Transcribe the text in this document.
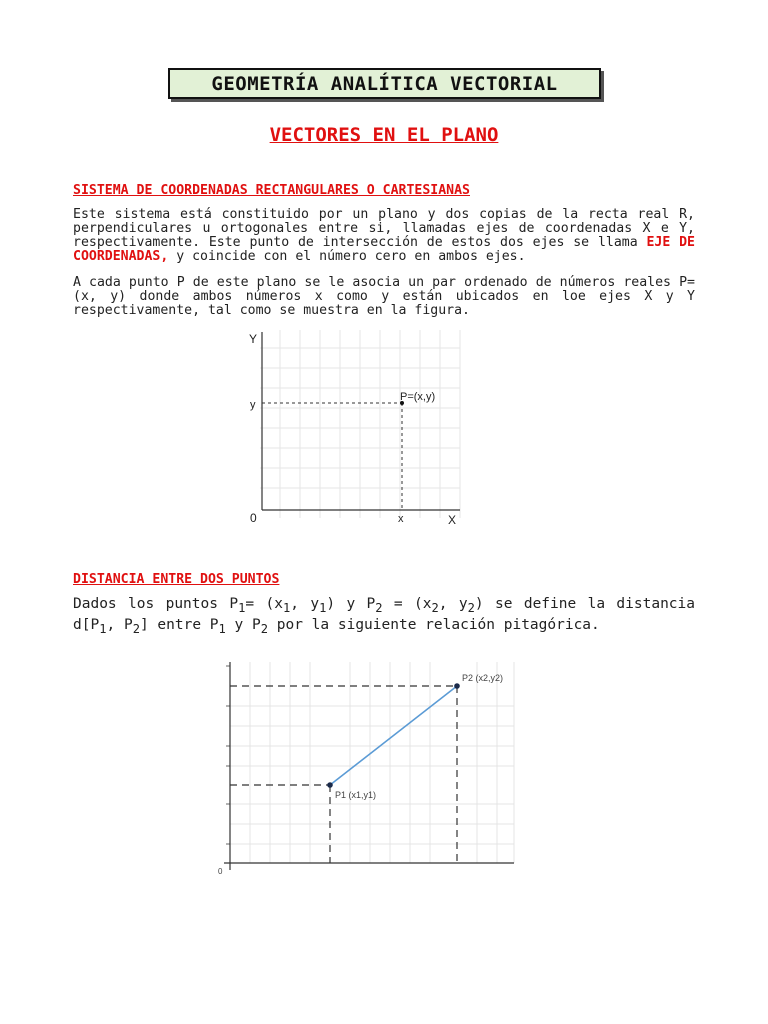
GEOMETRÍA ANALÍTICA VECTORIAL
VECTORES EN EL PLANO
SISTEMA DE COORDENADAS RECTANGULARES O CARTESIANAS
Este sistema está constituido por un plano y dos copias de la recta real R, perpendiculares u ortogonales entre si, llamadas ejes de coordenadas X e Y, respectivamente. Este punto de intersección de estos dos ejes se llama EJE DE COORDENADAS, y coincide con el número cero en ambos ejes.
A cada punto P de este plano se le asocia un par ordenado de números reales P= (x, y) donde ambos números x como y están ubicados en loe ejes X y Y respectivamente, tal como se muestra en la figura.
Y
X
0
y
x
P=(x,y)
DISTANCIA ENTRE DOS PUNTOS
Dados los puntos $P_1= (x_1$, $y_1$) y $P_2 = (x_2$, $y_2$) se define la distancia $d[P_1$, $P_2$] entre $P_1$ y $P_2$ por la siguiente relación pitagórica.
0
P1 (x1,y1)
P2 (x2,y2)
